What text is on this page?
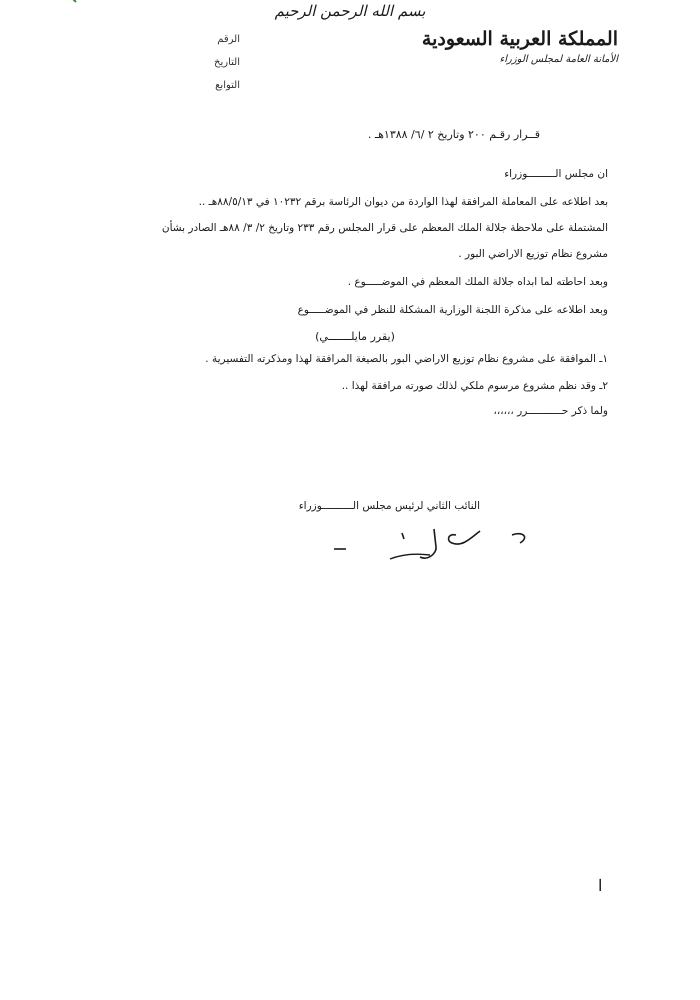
بسم الله الرحمن الرحيم
المملكة العربية السعودية
الأمانة العامة لمجلس الوزراء
الرقم
التاريخ
التوابع
قــرار رقـم ٢٠٠ وتاريخ ٢ /٦/ ١٣٨٨هـ .
ان مجلس الـــــــــوزراء
بعد اطلاعه على المعاملة المرافقة لهذا الواردة من ديوان الرئاسة برقم ١٠٢٣٢ في ٨٨/٥/١٣هـ ..
المشتملة على ملاحظة جلالة الملك المعظم على قرار المجلس رقم ٢٣٣ وتاريخ ٢/ ٣/ ٨٨هـ الصادر بشأن
مشروع نظام توزيع الاراضي البور .
وبعد احاطته لما ابداه جلالة الملك المعظم في الموضـــــوع .
وبعد اطلاعه على مذكرة اللجنة الوزارية المشكلة للنظر في الموضـــــوع
(يقرر مايلـــــــي)
١ـ الموافقة على مشروع نظام توزيع الاراضي البور بالصيغة المرافقة لهذا ومذكرته التفسيرية .
٢ـ وقد نظم مشروع مرسوم ملكي لذلك صورته مرافقة لهذا ..
ولما ذكر حـــــــــــرر ،،،،،،
النائب الثاني لرئيس مجلس الــــــــــوزراء
ا
